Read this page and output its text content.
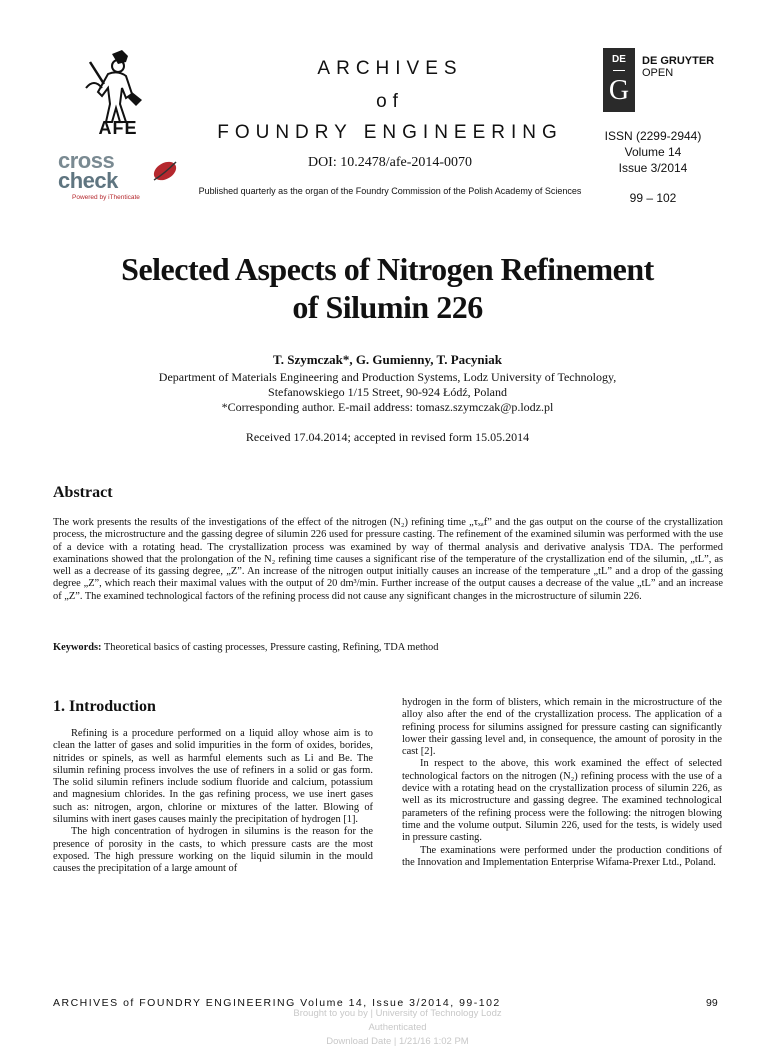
AFE
cross
check
Powered by iThenticate
ARCHIVES
of
FOUNDRY ENGINEERING
DOI: 10.2478/afe-2014-0070
Published quarterly as the organ of the Foundry Commission of the Polish Academy of Sciences
DE
G
DE GRUYTER
OPEN
ISSN (2299-2944)
Volume 14
Issue 3/2014
99 – 102
Selected Aspects of Nitrogen Refinement
of Silumin 226
T. Szymczak*, G. Gumienny, T. Pacyniak
Department of Materials Engineering and Production Systems, Lodz University of Technology,
Stefanowskiego 1/15 Street, 90-924 Łódź, Poland
*Corresponding author. E-mail address: tomasz.szymczak@p.lodz.pl
Received 17.04.2014; accepted in revised form 15.05.2014
Abstract
The work presents the results of the investigations of the effect of the nitrogen (N₂) refining time „τₓₐf” and the gas output on the course of the crystallization process, the microstructure and the gassing degree of silumin 226 used for pressure casting. The refinement of the examined silumin was performed with the use of a device with a rotating head. The crystallization process was examined by way of thermal analysis and derivative analysis TDA. The performed examinations showed that the prolongation of the N₂ refining time causes a significant rise of the temperature of the crystallization end of the silumin, „tL”, as well as a decrease of its gassing degree, „Z”. An increase of the nitrogen output initially causes an increase of the temperature „tL” and a drop of the gassing degree „Z”, which reach their maximal values with the output of 20 dm³/min. Further increase of the output causes a decrease of the value „tL” and an increase of „Z”. The examined technological factors of the refining process did not cause any significant changes in the microstructure of silumin 226.
Keywords: Theoretical basics of casting processes, Pressure casting, Refining, TDA method
1. Introduction

Refining is a procedure performed on a liquid alloy whose aim is to clean the latter of gases and solid impurities in the form of oxides, borides, nitrides or spinels, as well as harmful elements such as Li and Be. The silumin refining process involves the use of refiners in a solid or gas form. The solid silumin refiners include sodium fluoride and calcium, potassium and magnesium chlorides. In the gas refining process, we use inert gases such as: nitrogen, argon, chlorine or mixtures of the latter. Blowing of silumins with inert gases causes mainly the precipitation of hydrogen [1].

The high concentration of hydrogen in silumins is the reason for the presence of porosity in the casts, to which pressure casts are the most exposed. The high pressure working on the liquid silumin in the mould causes the precipitation of a large amount of

hydrogen in the form of blisters, which remain in the microstructure of the alloy also after the end of the crystallization process. The application of a refining process for silumins assigned for pressure casting can significantly lower their gassing level and, in consequence, the amount of porosity in the cast [2].

In respect to the above, this work examined the effect of selected technological factors on the nitrogen (N₂) refining process with the use of a device with a rotating head on the crystallization process of silumin 226, as well as its microstructure and gassing degree. The examined technological parameters of the refining process were the following: the nitrogen blowing time and the volume output. Silumin 226, used for the tests, is widely used in pressure casting.

The examinations were performed under the production conditions of the Innovation and Implementation Enterprise Wifama-Prexer Ltd., Poland.

ARCHIVES of FOUNDRY ENGINEERING Volume 14, Issue 3/2014, 99-102	99
Brought to you by | University of Technology Lodz
Authenticated
Download Date | 1/21/16 1:02 PM
